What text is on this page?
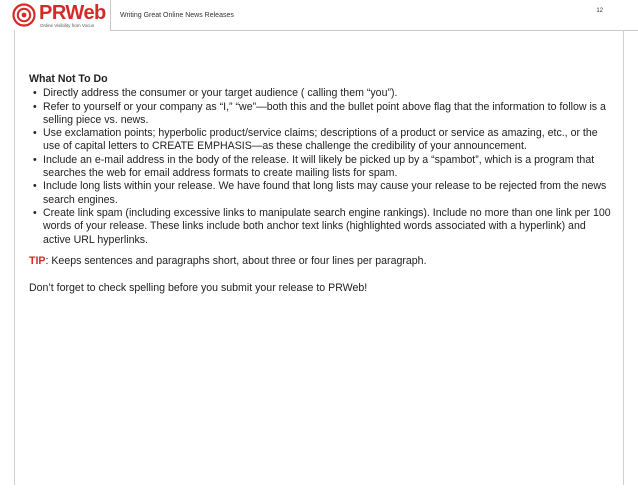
PRWeb
Online Visibility from Vocus
Writing Great Online News Releases
12
What Not To Do
• Directly address the consumer or your target audience ( calling them “you”).
• Refer to yourself or your company as “I,” “we”—both this and the bullet point above flag that the information to follow is a selling piece vs. news.
• Use exclamation points; hyperbolic product/service claims; descriptions of a product or service as amazing, etc., or the use of capital letters to CREATE EMPHASIS—as these challenge the credibility of your announcement.
• Include an e-mail address in the body of the release. It will likely be picked up by a “spambot”, which is a program that searches the web for email address formats to create mailing lists for spam.
• Include long lists within your release. We have found that long lists may cause your release to be rejected from the news search engines.
• Create link spam (including excessive links to manipulate search engine rankings). Include no more than one link per 100 words of your release. These links include both anchor text links (highlighted words associated with a hyperlink) and active URL hyperlinks.
TIP: Keeps sentences and paragraphs short, about three or four lines per paragraph.
Don’t forget to check spelling before you submit your release to PRWeb!
